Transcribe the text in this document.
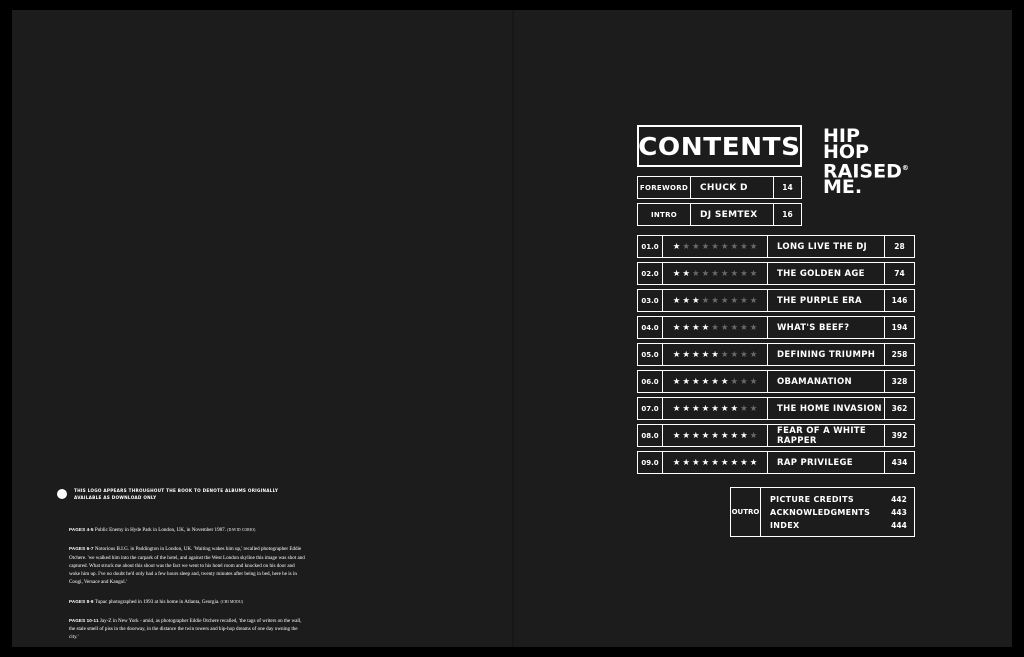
THIS LOGO APPEARS THROUGHOUT THE BOOK TO DENOTE ALBUMS ORIGINALLY AVAILABLE AS DOWNLOAD ONLY
PAGES 4-5 Public Enemy in Hyde Park in London, UK, in November 1987. (DAVID CORIO)
PAGES 6-7 Notorious B.I.G. in Paddington in London, UK. 'Waiting wakes him up,' recalled photographer Eddie Otchere. 'we walked him into the carpark of the hotel, and against the West London skyline this image was shot and captured. What struck me about this shoot was the fact we went to his hotel room and knocked on his door and woke him up. I've no doubt he'd only had a few hours sleep and, twenty minutes after being in bed, here he is in Coogi, Versace and Kangol.'
PAGES 8-9 Tupac photographed in 1993 at his home in Atlanta, Georgia. (CHI MODU)
PAGES 10-11 Jay-Z in New York - amid, as photographer Eddie Otchere recalled, 'the tags of writers on the wall, the stale smell of piss in the doorway, in the distance the twin towers and hip-hop dreams of one day owning the city.'
CONTENTS HIP
HOP
RAISED®
ME.
FOREWORD	CHUCK D	14
INTRO	DJ SEMTEX	16
01.0	★ ★ ★ ★ ★ ★ ★ ★ ★	LONG LIVE THE DJ	28
02.0	★ ★ ★ ★ ★ ★ ★ ★ ★	THE GOLDEN AGE	74
03.0	★ ★ ★ ★ ★ ★ ★ ★ ★	THE PURPLE ERA	146
04.0	★ ★ ★ ★ ★ ★ ★ ★ ★	WHAT'S BEEF?	194
05.0	★ ★ ★ ★ ★ ★ ★ ★ ★	DEFINING TRIUMPH	258
06.0	★ ★ ★ ★ ★ ★ ★ ★ ★	OBAMANATION	328
07.0	★ ★ ★ ★ ★ ★ ★ ★ ★	THE HOME INVASION	362
08.0	★ ★ ★ ★ ★ ★ ★ ★ ★	FEAR OF A WHITE RAPPER	392
09.0	★ ★ ★ ★ ★ ★ ★ ★ ★	RAP PRIVILEGE	434
OUTRO
PICTURE CREDITS	442
ACKNOWLEDGMENTS	443
INDEX	444
